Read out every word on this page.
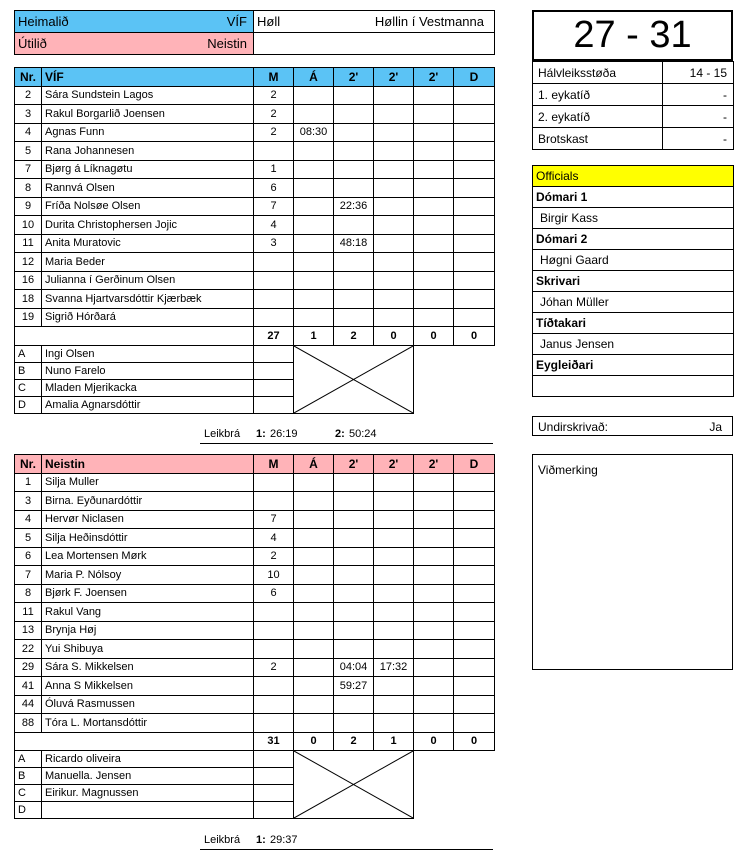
Heimalið VÍF	Høll Høllin í Vestmanna

Útilið Neistin	

Nr.	VÍF	M	Á	2'	2'	2'	D
2	Sára Sundstein Lagos	2					
3	Rakul Borgarlið Joensen	2					
4	Agnas Funn	2	08:30				
5	Rana Johannesen						
7	Bjørg á Líknagøtu	1					
8	Rannvá Olsen	6					
9	Fríða Nolsøe Olsen	7		22:36			
10	Durita Christophersen Jojic	4					
11	Anita Muratovic	3		48:18			
12	Maria Beder						
16	Julianna í Gerðinum Olsen						
18	Svanna Hjartvarsdóttir Kjærbæk						
19	Sigrið Hórðará						
		27	1	2	0	0	0
A	Ingi Olsen		

B	Nuno Farelo						
C	Mladen Mjerikacka						
D	Amalia Agnarsdóttir						
Leikbrá 1: 26:19	2: 50:24
Nr.	Neistin	M	Á	2'	2'	2'	D
1	Silja Muller						
3	Birna. Eyðunardóttir						
4	Hervør Niclasen	7					
5	Silja Heðinsdóttir	4					
6	Lea Mortensen Mørk	2					
7	Maria P. Nólsoy	10					
8	Bjørk F. Joensen	6					
11	Rakul Vang						
13	Brynja Høj						
22	Yui Shibuya						
29	Sára S. Mikkelsen	2		04:04	17:32		
41	Anna S Mikkelsen			59:27			
44	Óluvá Rasmussen						
88	Tóra L. Mortansdóttir						
		31	0	2	1	0	0
A	Ricardo oliveira		

B	Manuella. Jensen						
C	Eirikur. Magnussen						
D							
Leikbrá 1: 29:37
27 - 31
Hálvleiksstøða	14 - 15
1. eykatíð	-
2. eykatíð	-
Brotskast	-
Officials
Dómari 1
Birgir Kass
Dómari 2
Høgni Gaard
Skrivari
Jóhan Müller
Tíðtakari
Janus Jensen
Eygleiðari

Undirskrivað:	Ja
Viðmerking
